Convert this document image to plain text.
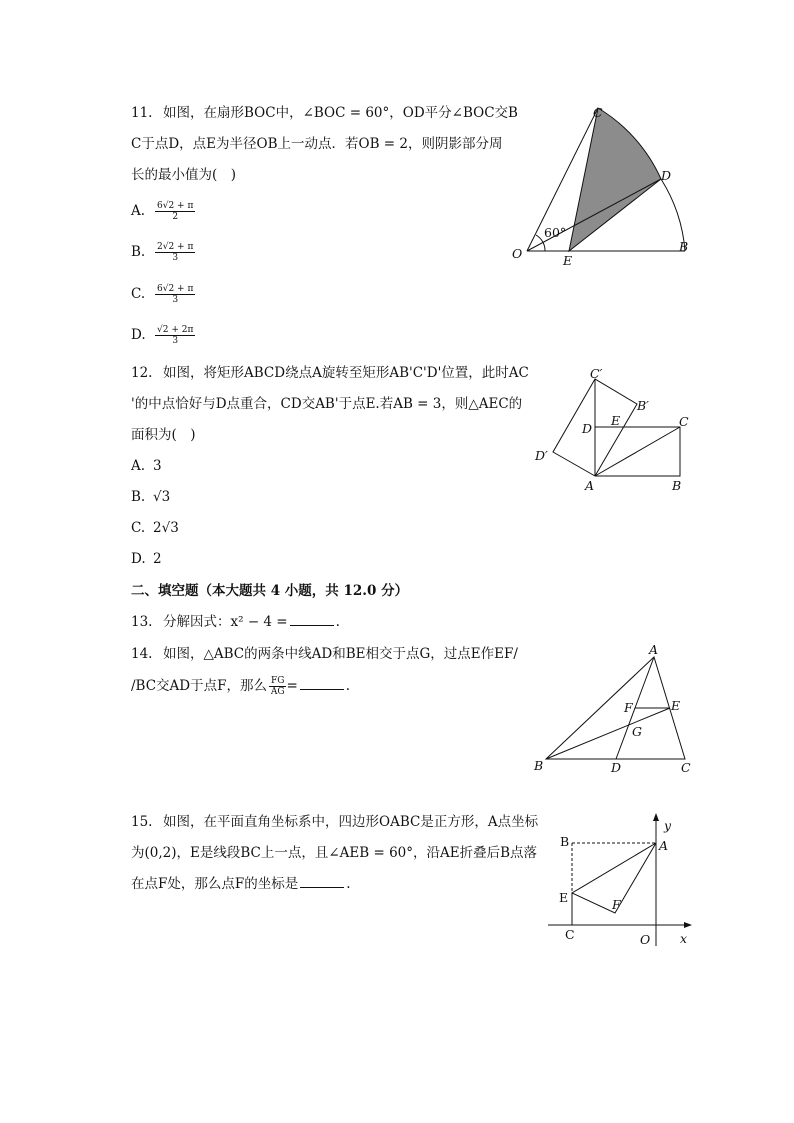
11. 如图，在扇形BOC中，∠BOC = 60°，OD平分∠BOC交B
C于点D，点E为半径OB上一动点．若OB = 2，则阴影部分周
长的最小值为(　)
A. $\frac{6√2 + \pi}{2}$
B. $\frac{2√2 + \pi}{3}$
C. $\frac{6√2 + \pi}{3}$
D. $\frac{√2 + 2\pi}{3}$
O	B
C
D
E
60°
12. 如图，将矩形ABCD绕点A旋转至矩形AB'C'D'位置，此时AC
'的中点恰好与D点重合，CD交AB'于点E.若AB = 3，则△AEC的
面积为(　)
A. 3
B. √3
C. 2√3
D. 2
C′
B′
D
E	C
D′
A	B
二、填空题（本大题共 4 小题，共 12.0 分）
13. 分解因式：x² − 4 =	.
14. 如图，△ABC的两条中线AD和BE相交于点G，过点E作EF/
/BC交AD于点F，那么 $\frac{FG}{AG}$ =	.
A
B	C
D
E
F
G
15. 如图，在平面直角坐标系中，四边形OABC是正方形，A点坐标
为(0,2)，E是线段BC上一点，且∠AEB = 60°，沿AE折叠后B点落
在点F处，那么点F的坐标是	.
B	A
E	F
C	O x
y
